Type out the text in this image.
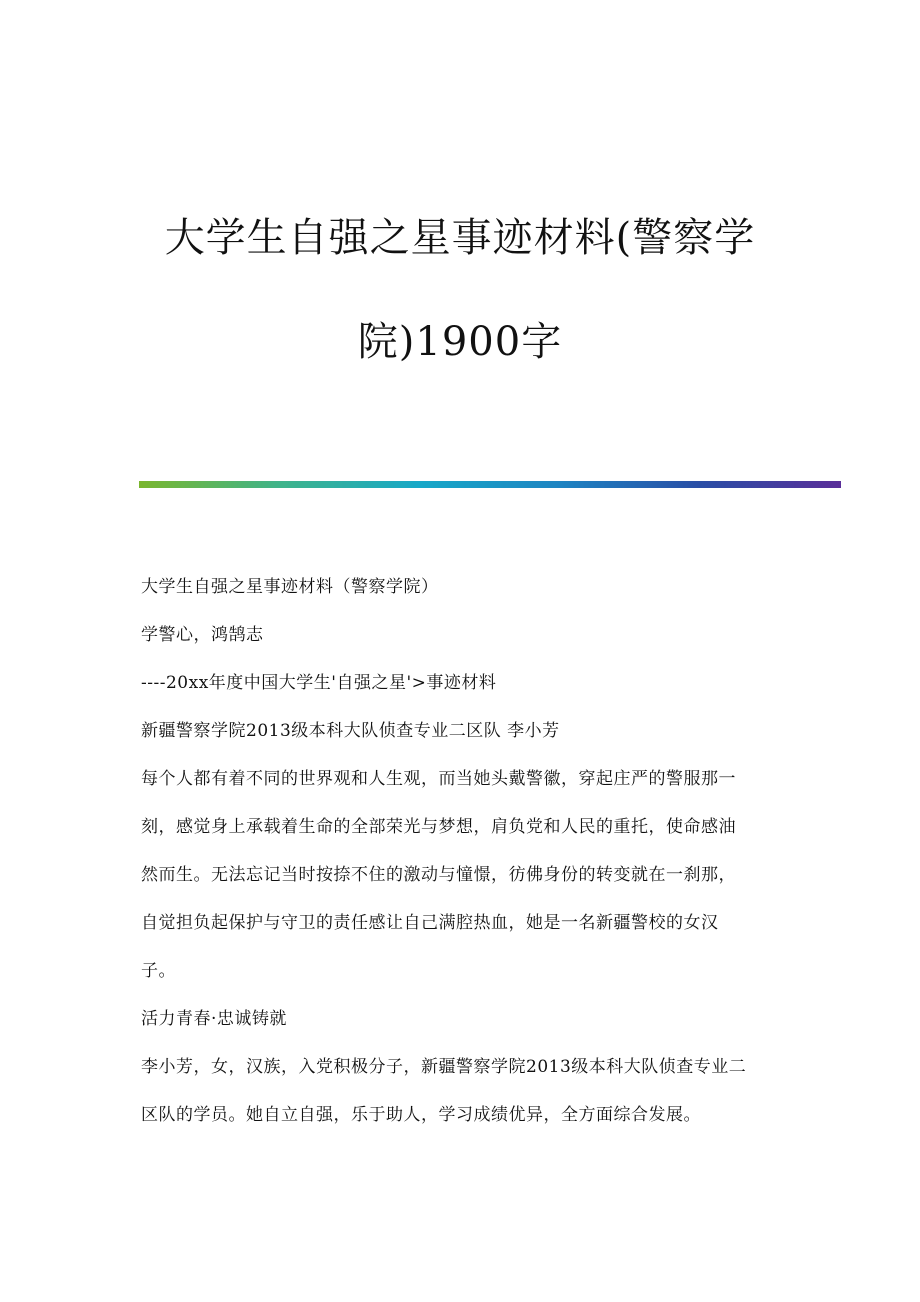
大学生自强之星事迹材料(警察学
院)1900字

大学生自强之星事迹材料（警察学院）

学警心，鸿鹄志

----20xx年度中国大学生'自强之星'>事迹材料

新疆警察学院2013级本科大队侦查专业二区队 李小芳

每个人都有着不同的世界观和人生观，而当她头戴警徽，穿起庄严的警服那一

刻，感觉身上承载着生命的全部荣光与梦想，肩负党和人民的重托，使命感油

然而生。无法忘记当时按捺不住的激动与憧憬，彷佛身份的转变就在一刹那，

自觉担负起保护与守卫的责任感让自己满腔热血，她是一名新疆警校的女汉

子。

活力青春·忠诚铸就

李小芳，女，汉族，入党积极分子，新疆警察学院2013级本科大队侦查专业二

区队的学员。她自立自强，乐于助人，学习成绩优异，全方面综合发展。
